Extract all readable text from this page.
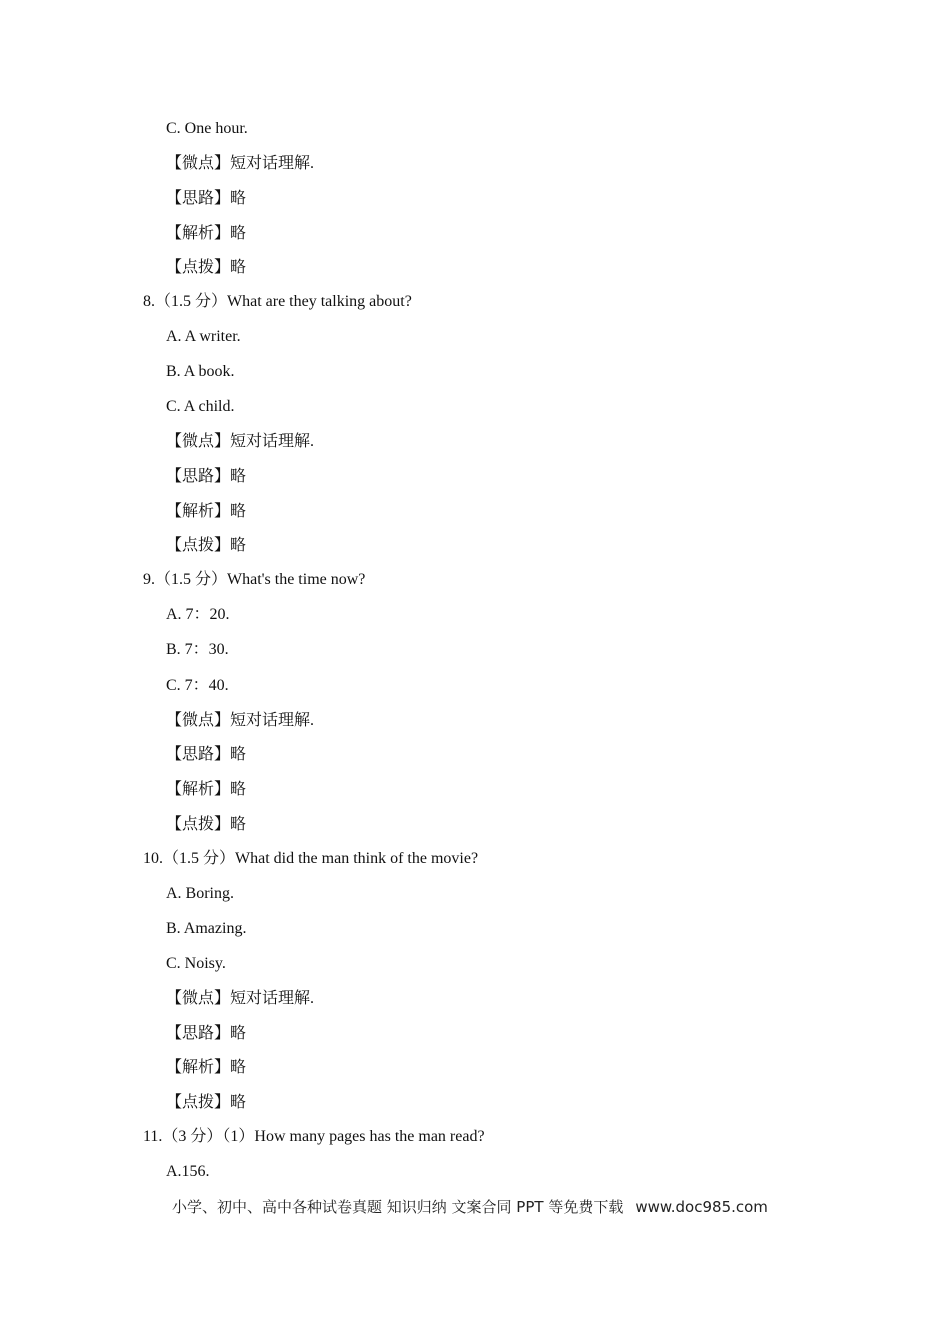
C. One hour.
【微点】短对话理解.
【思路】略
【解析】略
【点拨】略
8.（1.5 分）What are they talking about?
A. A writer.
B. A book.
C. A child.
【微点】短对话理解.
【思路】略
【解析】略
【点拨】略
9.（1.5 分）What's the time now?
A. 7：20.
B. 7：30.
C. 7：40.
【微点】短对话理解.
【思路】略
【解析】略
【点拨】略
10.（1.5 分）What did the man think of the movie?
A. Boring.
B. Amazing.
C. Noisy.
【微点】短对话理解.
【思路】略
【解析】略
【点拨】略
11.（3 分）（1）How many pages has the man read?
A.156.
小学、初中、高中各种试卷真题 知识归纳 文案合同 PPT 等免费下载 www.doc985.com
